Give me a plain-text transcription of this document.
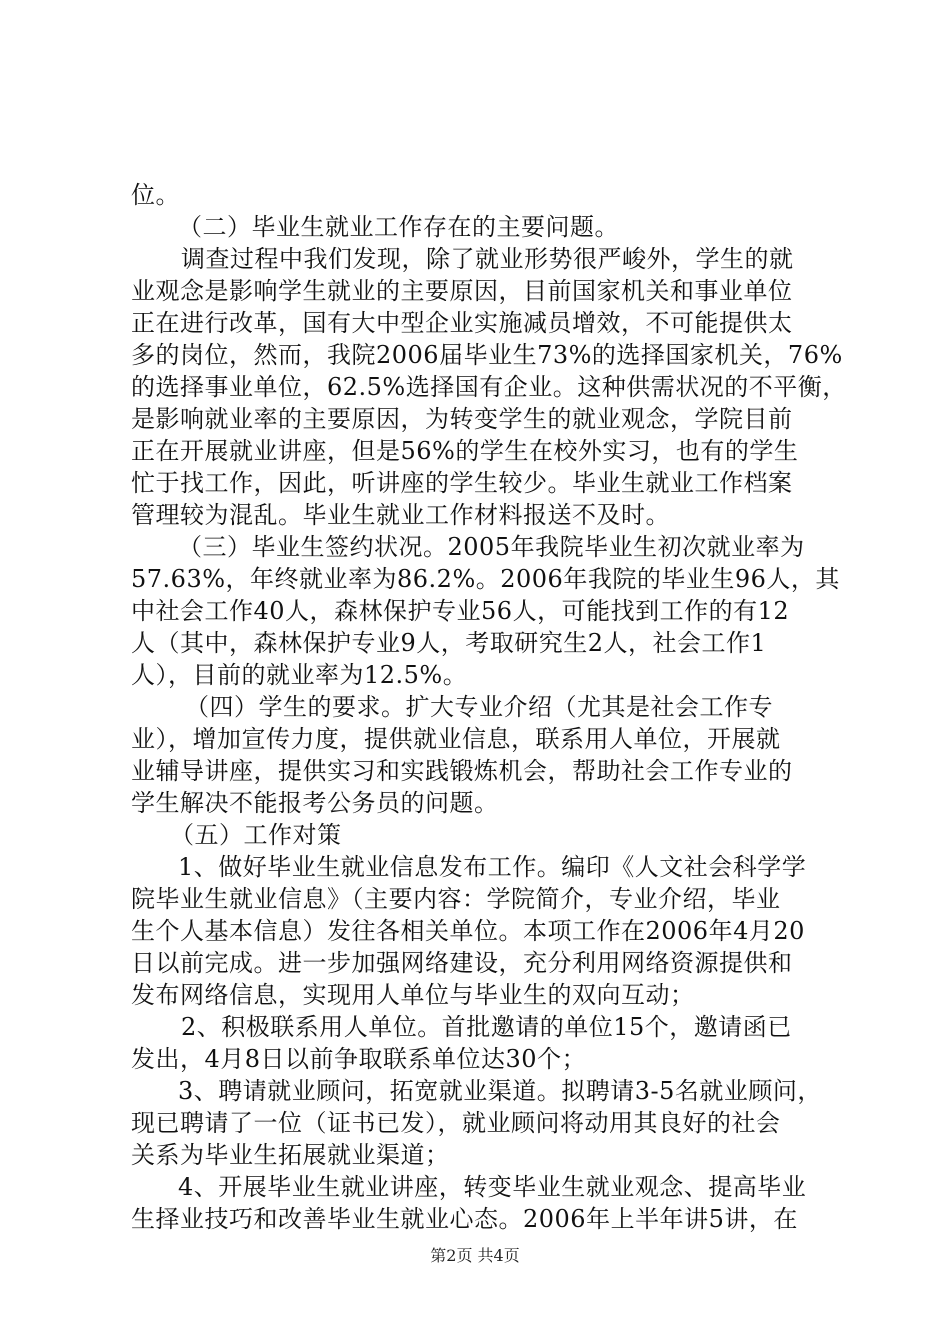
位。
（二）毕业生就业工作存在的主要问题。
调查过程中我们发现，除了就业形势很严峻外，学生的就
业观念是影响学生就业的主要原因，目前国家机关和事业单位
正在进行改革，国有大中型企业实施减员增效，不可能提供太
多的岗位，然而，我院2006届毕业生73%的选择国家机关，76%
的选择事业单位，62.5%选择国有企业。这种供需状况的不平衡，
是影响就业率的主要原因，为转变学生的就业观念，学院目前
正在开展就业讲座，但是56%的学生在校外实习，也有的学生
忙于找工作，因此，听讲座的学生较少。毕业生就业工作档案
管理较为混乱。毕业生就业工作材料报送不及时。
（三）毕业生签约状况。2005年我院毕业生初次就业率为
57.63%，年终就业率为86.2%。2006年我院的毕业生96人，其
中社会工作40人，森林保护专业56人，可能找到工作的有12
人（其中，森林保护专业9人，考取研究生2人，社会工作1
人），目前的就业率为12.5%。
（四）学生的要求。扩大专业介绍（尤其是社会工作专
业），增加宣传力度，提供就业信息，联系用人单位，开展就
业辅导讲座，提供实习和实践锻炼机会，帮助社会工作专业的
学生解决不能报考公务员的问题。
（五）工作对策
1、做好毕业生就业信息发布工作。编印《人文社会科学学
院毕业生就业信息》（主要内容：学院简介，专业介绍，毕业
生个人基本信息）发往各相关单位。本项工作在2006年4月20
日以前完成。进一步加强网络建设，充分利用网络资源提供和
发布网络信息，实现用人单位与毕业生的双向互动；
2、积极联系用人单位。首批邀请的单位15个，邀请函已
发出，4月8日以前争取联系单位达30个；
3、聘请就业顾问，拓宽就业渠道。拟聘请3-5名就业顾问，
现已聘请了一位（证书已发），就业顾问将动用其良好的社会
关系为毕业生拓展就业渠道；
4、开展毕业生就业讲座，转变毕业生就业观念、提高毕业
生择业技巧和改善毕业生就业心态。2006年上半年讲5讲，在
第2页 共4页
